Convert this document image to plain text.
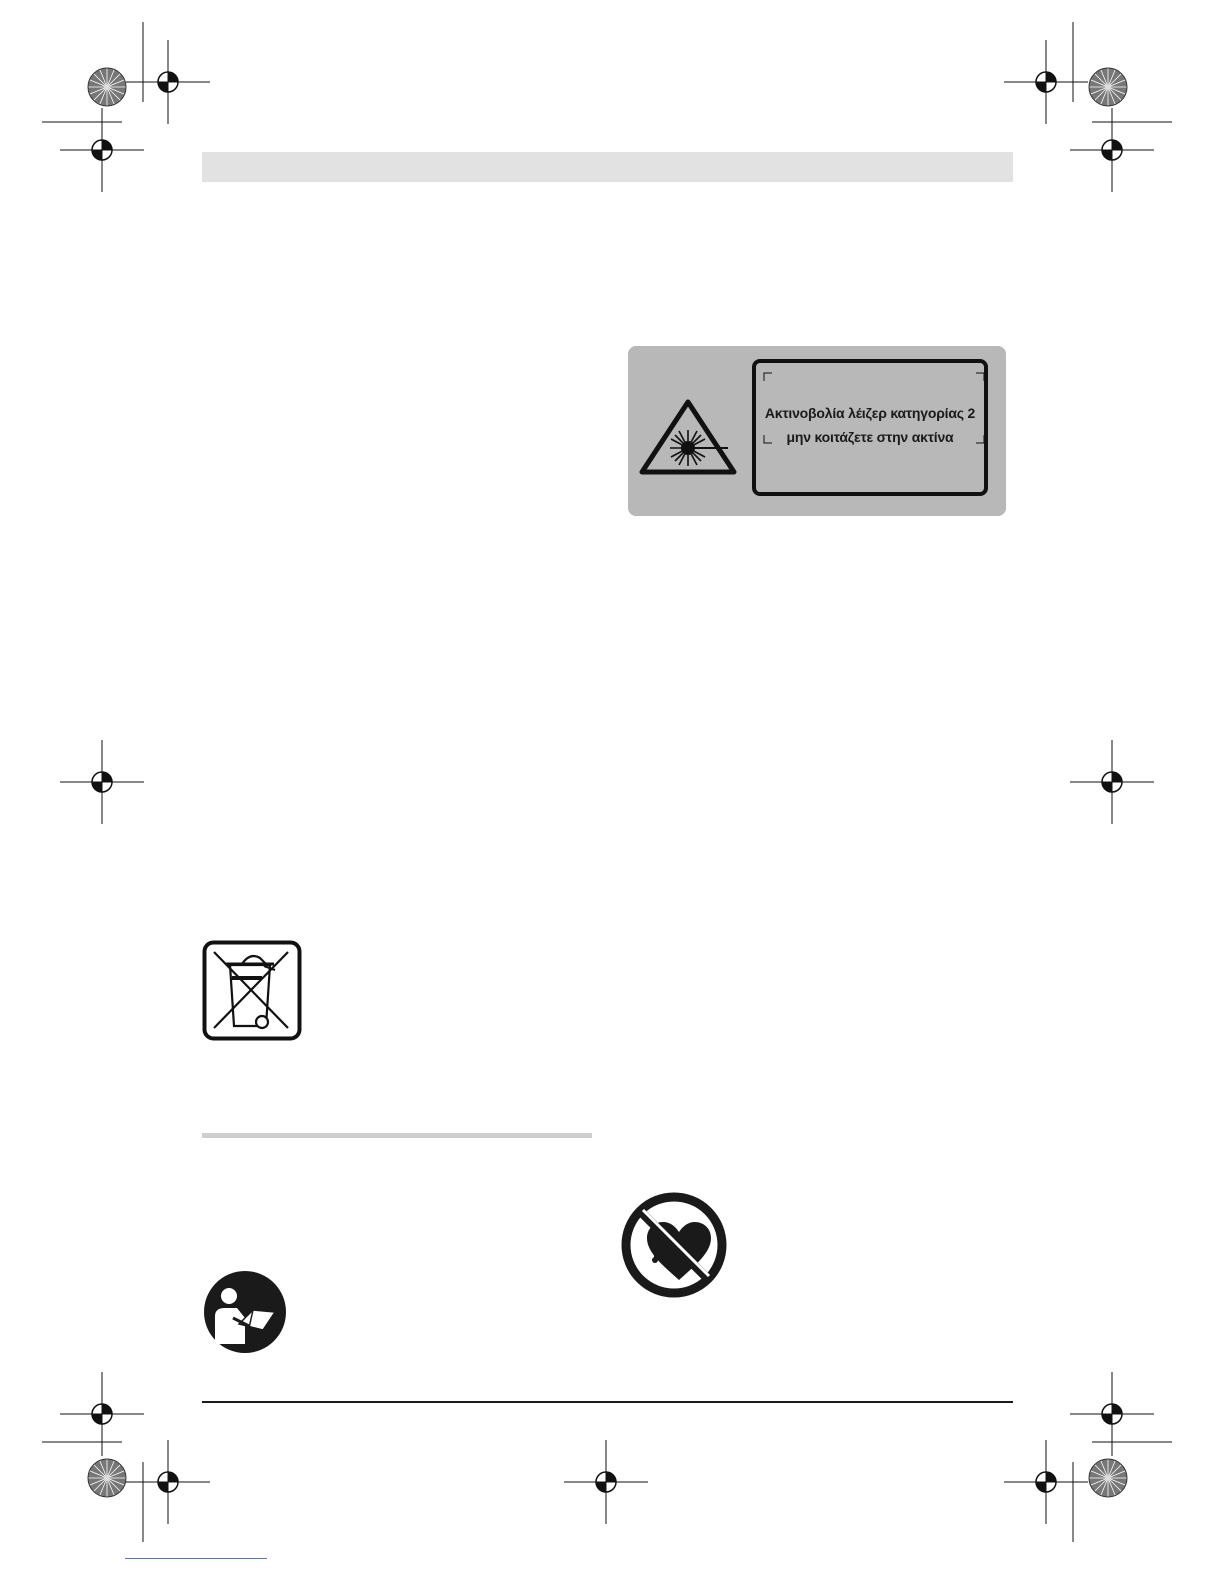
Ακτινοβολία λέιζερ κατηγορίας 2
μην κοιτάζετε στην ακτίνα
